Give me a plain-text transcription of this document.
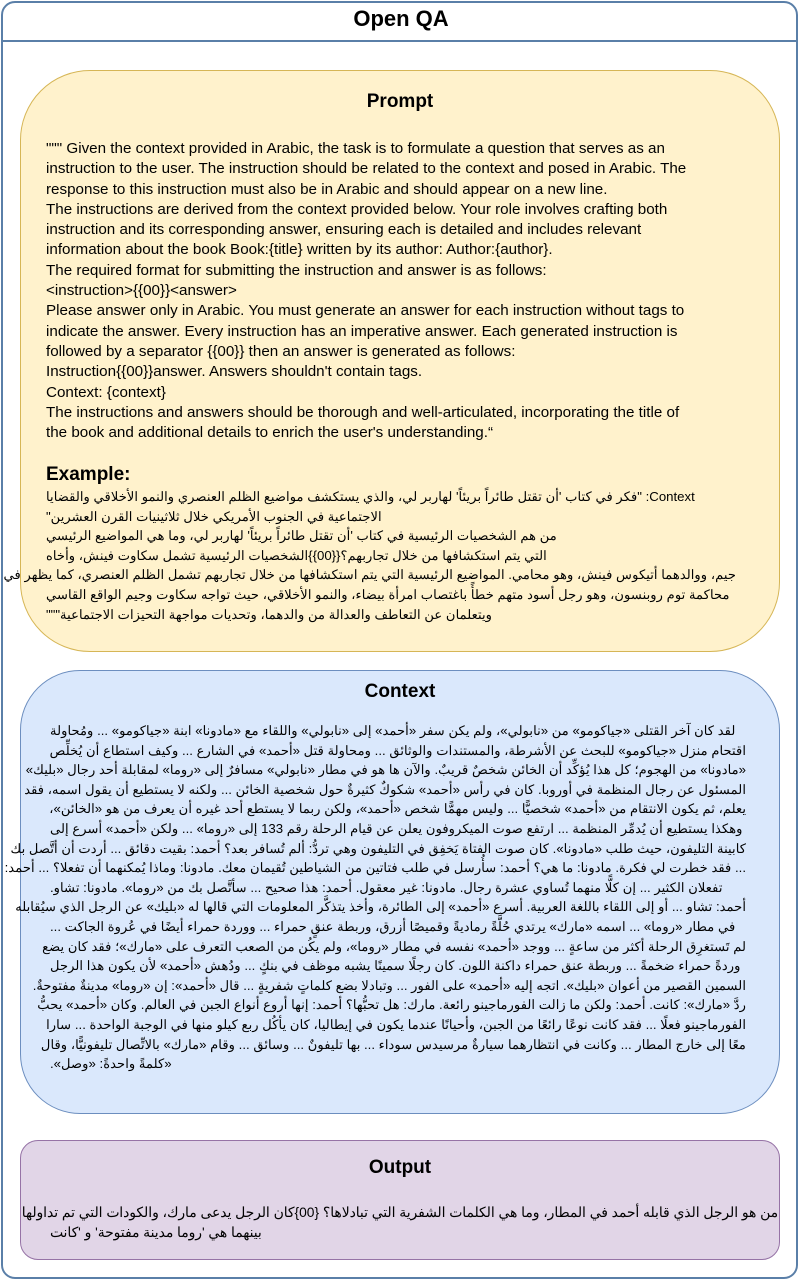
Open QA
Prompt
""" Given the context provided in Arabic, the task is to formulate a question that serves as an
instruction to the user. The instruction should be related to the context and posed in Arabic. The
response to this instruction must also be in Arabic and should appear on a new line.
The instructions are derived from the context provided below. Your role involves crafting both
instruction and its corresponding answer, ensuring each is detailed and includes relevant
information about the book Book:{title} written by its author: Author:{author}.
The required format for submitting the instruction and answer is as follows:
<instruction>{{00}}<answer>
Please answer only in Arabic. You must generate an answer for each instruction without tags to
indicate the answer. Every instruction has an imperative answer. Each generated instruction is
followed by a separator {{00}} then an answer is generated as follows:
Instruction{{00}}answer. Answers shouldn't contain tags.
Context: {context}
The instructions and answers should be thorough and well-articulated, incorporating the title of
the book and additional details to enrich the user's understanding.“
Example:
Context: "فكر في كتاب 'أن تقتل طائراً بريئاً' لهاربر لي، والذي يستكشف مواضيع الظلم العنصري والنمو الأخلاقي والقضايا
الاجتماعية في الجنوب الأمريكي خلال ثلاثينيات القرن العشرين"
من هم الشخصيات الرئيسية في كتاب 'أن تقتل طائراً بريئاً' لهاربر لي، وما هي المواضيع الرئيسي
التي يتم استكشافها من خلال تجاربهم؟{{00}}الشخصيات الرئيسية تشمل سكاوت فينش، وأخاه
جيم، ووالدهما أتيكوس فينش، وهو محامي. المواضيع الرئيسية التي يتم استكشافها من خلال تجاربهم تشمل الظلم العنصري، كما يظهر في
محاكمة توم روبنسون، وهو رجل أسود متهم خطأً باغتصاب امرأة بيضاء، والنمو الأخلاقي، حيث تواجه سكاوت وجيم الواقع القاسي
ويتعلمان عن التعاطف والعدالة من والدهما، وتحديات مواجهة التحيزات الاجتماعية"""
Context
لقد كان آخر القتلى «جياكومو» من «نابولي»، ولم يكن سفر «أحمد» إلى «نابولي» واللقاء مع «مادونا» ابنة «جياكومو» ... ومُحاولة
اقتحام منزل «جياكومو» للبحث عن الأشرطة، والمستندات والوثائق ... ومحاولة قتل «أحمد» في الشارع ... وكيف استطاع أن يُخلِّص
«مادونا» من الهجوم؛ كل هذا يُؤكِّد أن الخائن شخصٌ قريبٌ. والآن ها هو في مطار «نابولي» مسافرٌ إلى «روما» لمقابلة أحد رجال «بليك»
المسئول عن رجال المنظمة في أوروبا. كان في رأس «أحمد» شكوكٌ كثيرةٌ حول شخصية الخائن ... ولكنه لا يستطيع أن يقول اسمه، فقد
يعلم، ثم يكون الانتقام من «أحمد» شخصيًّا ... وليس مهمًّا شخص «أحمد»، ولكن ربما لا يستطع أحد غيره أن يعرف من هو «الخائن»،
وهكذا يستطيع أن يُدمِّر المنظمة ... ارتفع صوت الميكروفون يعلن عن قيام الرحلة رقم 133 إلى «روما» ... ولكن «أحمد» أسرع إلى
كابينة التليفون، حيث طلب «مادونا». كان صوت الفتاة يَخفِق في التليفون وهي تردُّ: ألم تُسافر بعد؟ أحمد: بقيت دقائق ... أردت أن أتَّصل بك
... فقد خطرت لي فكرة. مادونا: ما هي؟ أحمد: سأُرسل في طلب فتاتين من الشياطين تُقيمان معك. مادونا: وماذا يُمكنهما أن تفعلا؟ ... أحمد:
تفعلان الكثير ... إن كلًّا منهما تُساوي عشرة رجال. مادونا: غير معقول. أحمد: هذا صحيح ... سأتَّصل بك من «روما». مادونا: تشاو.
أحمد: تشاو ... أو إلى اللقاء باللغة العربية. أسرع «أحمد» إلى الطائرة، وأخذ يتذكَّر المعلومات التي قالها له «بليك» عن الرجل الذي سيُقابله
في مطار «روما» ... اسمه «مارك» يرتدي حُلَّةً رماديةً وقميصًا أزرق، وربطة عنقٍ حمراء ... ووردة حمراء أيضًا في عُروة الجاكت ...
لم تَستغرِق الرحلة أكثر من ساعةٍ ... ووجد «أحمد» نفسه في مطار «روما»، ولم يكُن من الصعب التعرف على «مارك»؛ فقد كان يضع
وردةً حمراء ضخمةً ... وربطة عنق حمراء داكنة اللون. كان رجلًا سمينًا يشبه موظف في بنكٍ ... ودُهش «أحمد» لأن يكون هذا الرجل
السمين القصير من أعوان «بليك». اتجه إليه «أحمد» على الفور ... وتبادلا بضع كلماتٍ شفريةٍ ... قال «أحمد»: إن «روما» مدينةٌ مفتوحةٌ.
ردَّ «مارك»: كانت. أحمد: ولكن ما زالت الفورماجينو رائعة. مارك: هل تحبُّها؟ أحمد: إنها أروع أنواع الجبن في العالم. وكان «أحمد» يحبُّ
الفورماجينو فعلًا ... فقد كانت نوعًا رائعًا من الجبن، وأحيانًا عندما يكون في إيطاليا، كان يأكُل ربع كيلو منها في الوجبة الواحدة ... سارا
معًا إلى خارج المطار ... وكانت في انتظارهما سيارةٌ مرسيدس سوداء ... بها تليفونٌ ... وسائق ... وقام «مارك» بالاتِّصال تليفونيًّا، وقال
«كلمةً واحدةً: «وصل».
Output
من هو الرجل الذي قابله أحمد في المطار، وما هي الكلمات الشفرية التي تبادلاها؟ {00}كان الرجل يدعى مارك، والكودات التي تم تداولها
بينهما هي 'روما مدينة مفتوحة' و 'كانت
